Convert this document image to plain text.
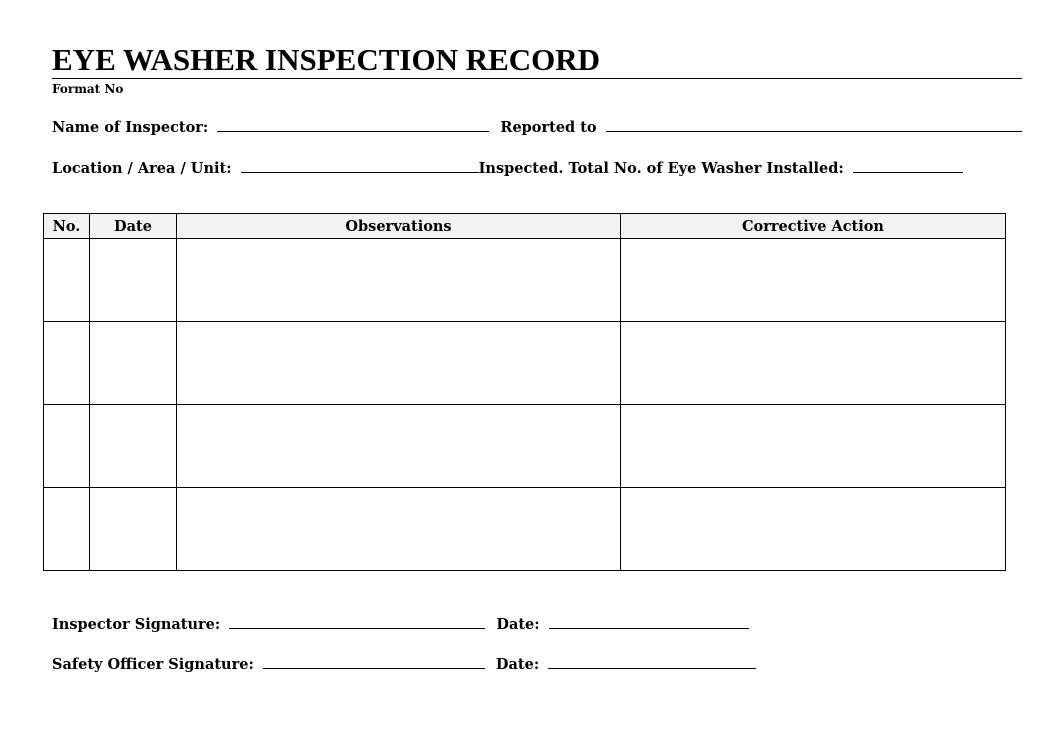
EYE WASHER INSPECTION RECORD
Format No
Name of Inspector:	Reported to
Location / Area / Unit:	Inspected. Total No. of Eye Washer Installed:
No.	Date	Observations	Corrective Action

Inspector Signature:	Date:
Safety Officer Signature:	Date:
